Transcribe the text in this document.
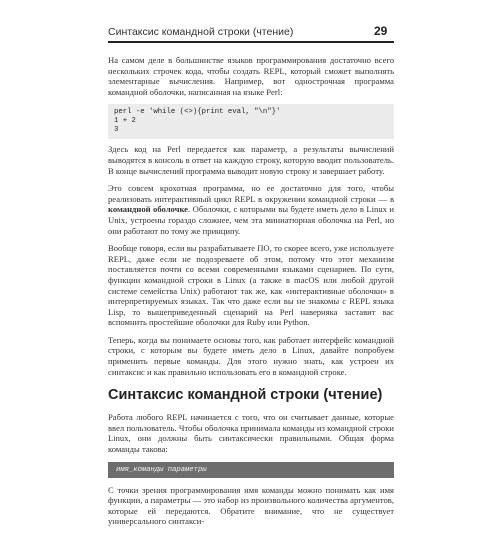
Синтаксис командной строки (чтение)	29

На самом деле в большинстве языков программирования достаточно всего нескольких строчек кода, чтобы создать REPL, который сможет выполнять элементарные вычисления. Например, вот однострочная программа командной оболочки, написанная на языке Perl:

perl -e 'while (<>){print eval, "\n"}'
1 + 2
3

Здесь код на Perl передается как параметр, а результаты вычислений выводятся в консоль в ответ на каждую строку, которую вводит пользователь. В конце вычислений программа выводит новую строку и завершает работу.

Это совсем крохотная программа, но ее достаточно для того, чтобы реализовать интерактивный цикл REPL в окружении командной строки — в командной оболочке. Оболочки, с которыми вы будете иметь дело в Linux и Unix, устроены гораздо сложнее, чем эта миниатюрная оболочка на Perl, но они работают по тому же принципу.

Вообще говоря, если вы разрабатываете ПО, то скорее всего, уже используете REPL, даже если не подозреваете об этом, потому что этот механизм поставляется почти со всеми современными языками сценариев. По сути, функции командной строки в Linux (а также в macOS или любой другой системе семейства Unix) работают так же, как «интерактивные оболочки» в интерпретируемых языках. Так что даже если вы не знакомы с REPL языка Lisp, то вышеприведенный сценарий на Perl наверняка заставит вас вспомнить простейшие оболочки для Ruby или Python.

Теперь, когда вы понимаете основы того, как работает интерфейс командной строки, с которым вы будете иметь дело в Linux, давайте попробуем применить первые команды. Для этого нужно знать, как устроен их синтаксис и как правильно использовать его в командной строке.

Синтаксис командной строки (чтение)

Работа любого REPL начинается с того, что он считывает данные, которые ввел пользователь. Чтобы оболочка принимала команды из командной строки Linux, они должны быть синтаксически правильными. Общая форма команды такова:

имя_команды параметры

С точки зрения программирования имя команды можно понимать как имя функции, а параметры — это набор из произвольного количества аргументов, которые ей передаются. Обратите внимание, что не существует универсального синтакси-
